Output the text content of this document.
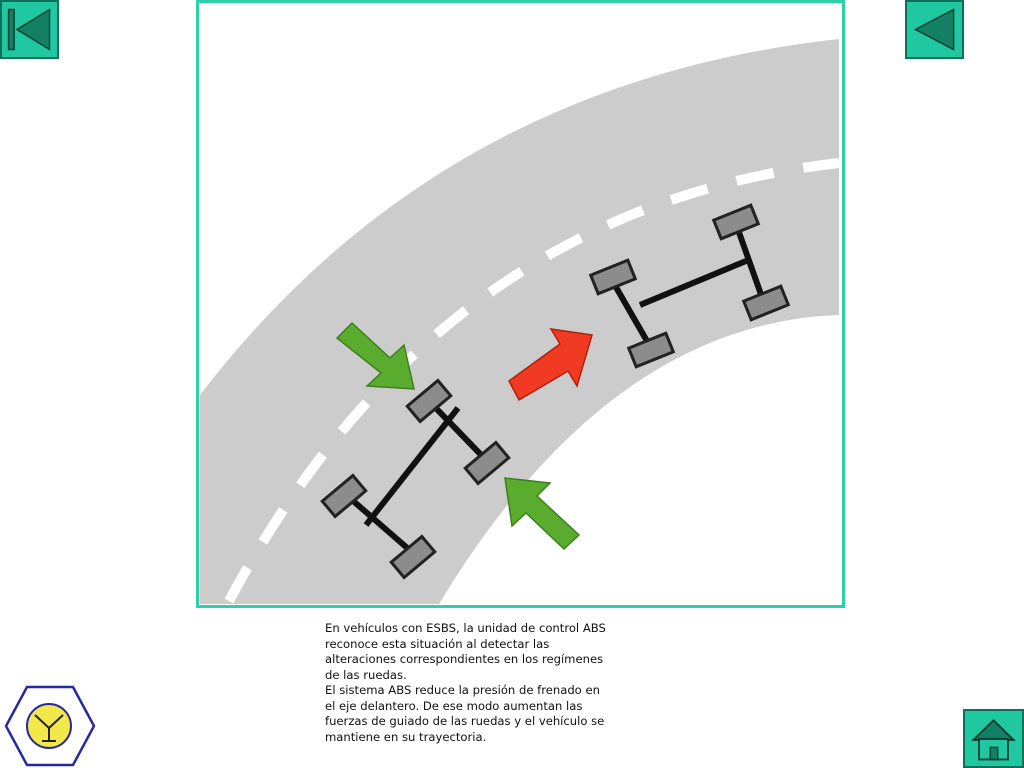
En vehículos con ESBS, la unidad de control ABS reconoce esta situación al detectar las alteraciones correspondientes en los regímenes de las ruedas.

El sistema ABS reduce la presión de frenado en el eje delantero. De ese modo aumentan las fuerzas de guiado de las ruedas y el vehículo se mantiene en su trayectoria.
